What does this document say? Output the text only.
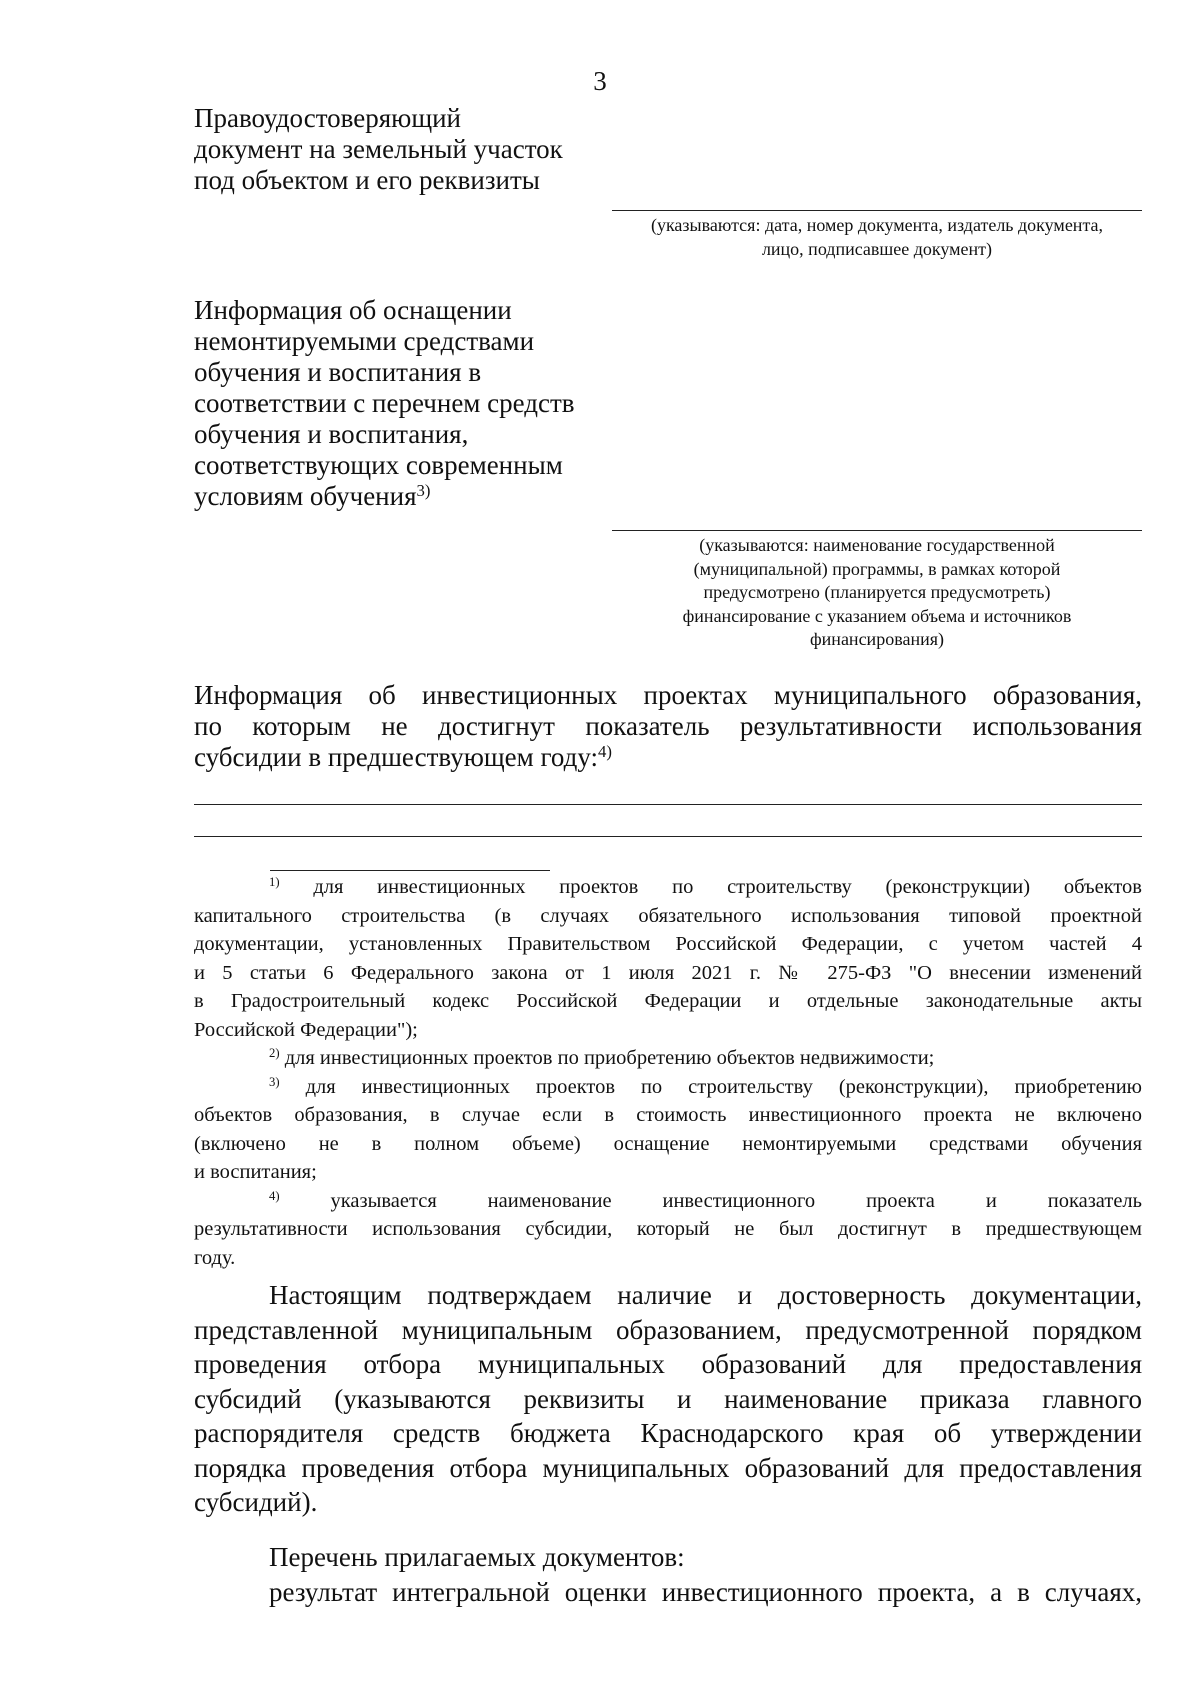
3
Правоудостоверяющий
документ на земельный участок
под объектом и его реквизиты
(указываются: дата, номер документа, издатель документа,
лицо, подписавшее документ)
Информация об оснащении
немонтируемыми средствами
обучения и воспитания в
соответствии с перечнем средств
обучения и воспитания,
соответствующих современным
условиям обучения$^{3)}$
(указываются: наименование государственной
(муниципальной) программы, в рамках которой
предусмотрено (планируется предусмотреть)
финансирование с указанием объема и источников
финансирования)
Информация об инвестиционных проектах муниципального образования,
по которым не достигнут показатель результативности использования
субсидии в предшествующем году:$^{4)}$
$^{1)}$ для инвестиционных проектов по строительству (реконструкции) объектов
капитального строительства (в случаях обязательного использования типовой проектной
документации, установленных Правительством Российской Федерации, с учетом частей 4
и 5 статьи 6 Федерального закона от 1 июля 2021 г. № 275-ФЗ "О внесении изменений
в Градостроительный кодекс Российской Федерации и отдельные законодательные акты
Российской Федерации");
$^{2)}$ для инвестиционных проектов по приобретению объектов недвижимости;
$^{3)}$ для инвестиционных проектов по строительству (реконструкции), приобретению
объектов образования, в случае если в стоимость инвестиционного проекта не включено
(включено не в полном объеме) оснащение немонтируемыми средствами обучения
и воспитания;
$^{4)}$ указывается наименование инвестиционного проекта и показатель
результативности использования субсидии, который не был достигнут в предшествующем
году.
Настоящим подтверждаем наличие и достоверность документации,
представленной муниципальным образованием, предусмотренной порядком
проведения отбора муниципальных образований для предоставления
субсидий (указываются реквизиты и наименование приказа главного
распорядителя средств бюджета Краснодарского края об утверждении
порядка проведения отбора муниципальных образований для предоставления
субсидий).
Перечень прилагаемых документов:
результат интегральной оценки инвестиционного проекта, а в случаях,
